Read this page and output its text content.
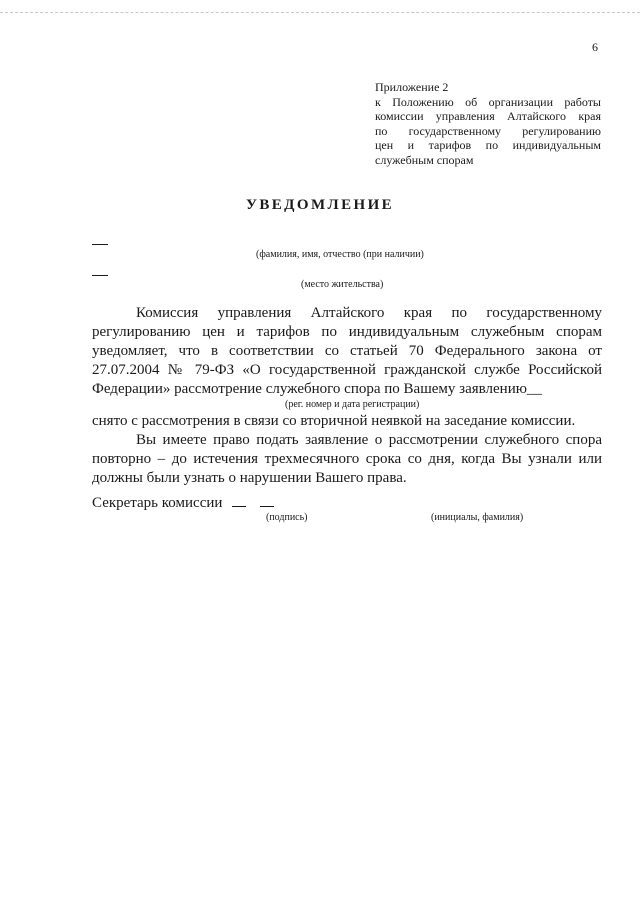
6
Приложение 2
к Положению об организации работы
комиссии управления Алтайского края
по государственному регулированию
цен и тарифов по индивидуальным
служебным спорам
УВЕДОМЛЕНИЕ
(фамилия, имя, отчество (при наличии)
(место жительства)
Комиссия управления Алтайского края по государственному
регулированию цен и тарифов по индивидуальным служебным спорам
уведомляет, что в соответствии со статьей 70 Федерального закона от
27.07.2004 № 79-ФЗ «О государственной гражданской службе Российской
Федерации» рассмотрение служебного спора по Вашему заявлению__
(рег. номер и дата регистрации)
снято с рассмотрения в связи со вторичной неявкой на заседание комиссии.
Вы имеете право подать заявление о рассмотрении служебного спора
повторно – до истечения трехмесячного срока со дня, когда Вы узнали или
должны были узнать о нарушении Вашего права.
Секретарь комиссии
(подпись)	(инициалы, фамилия)
